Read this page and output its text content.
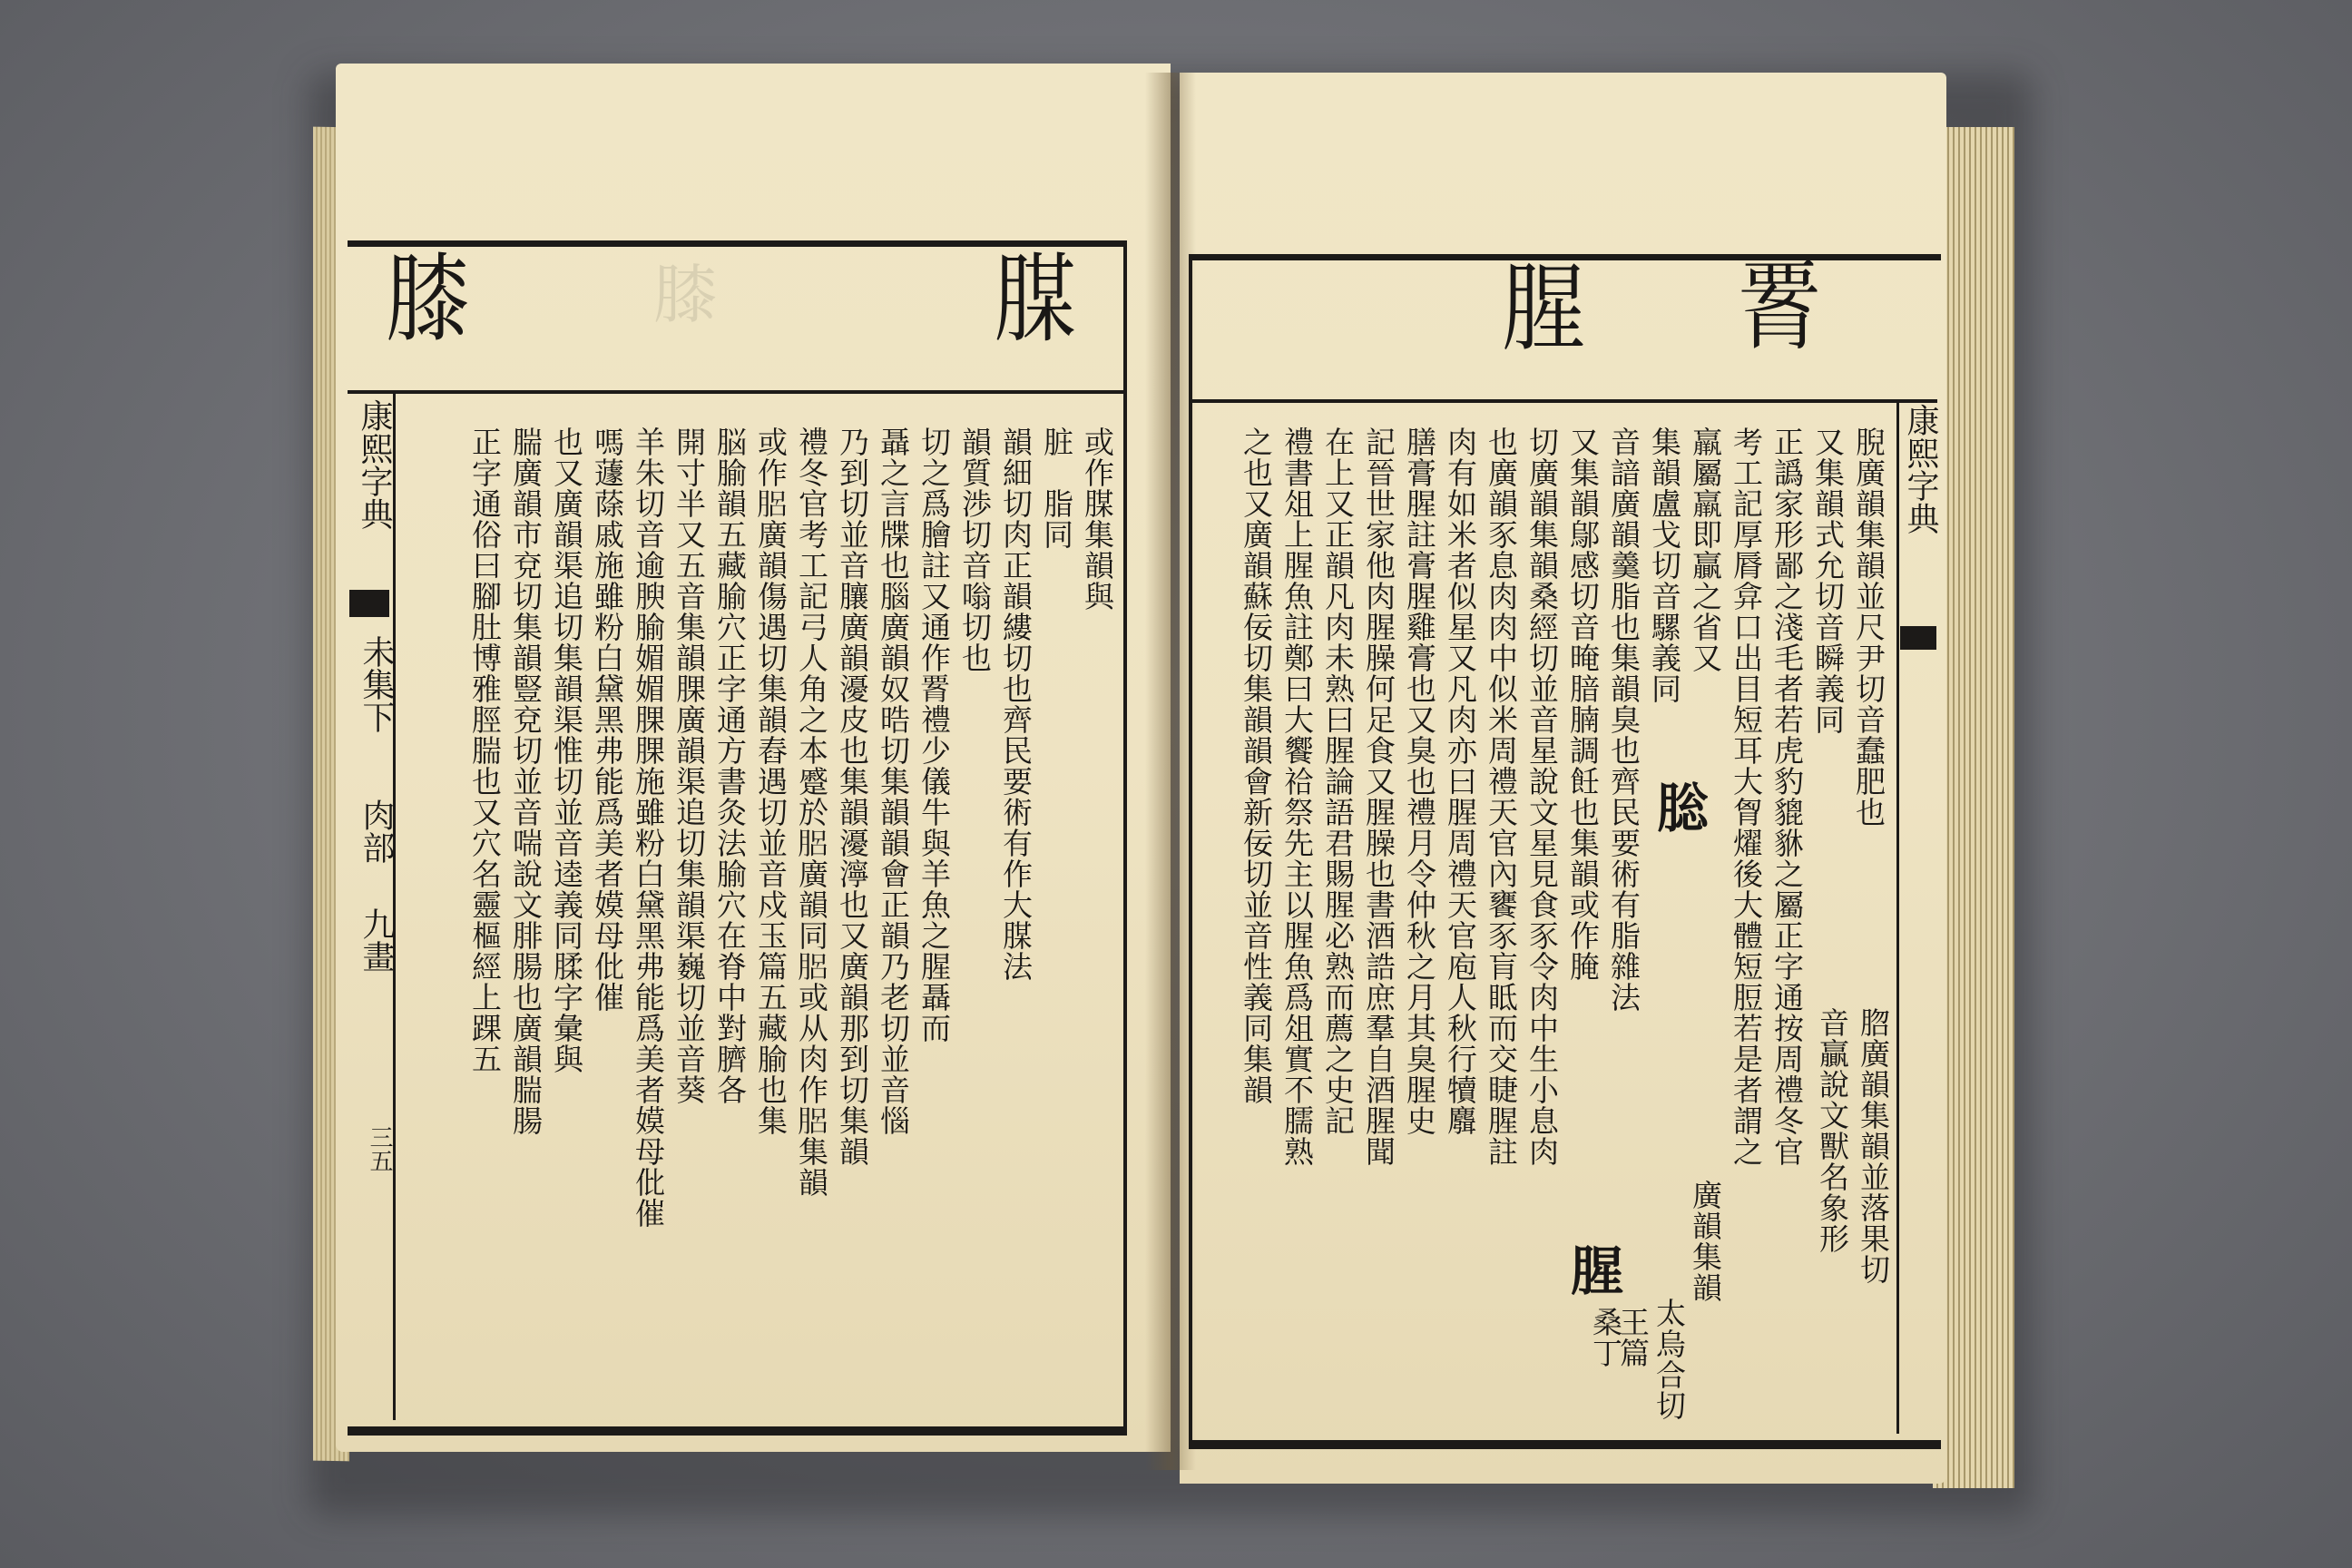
腜
膝	膝	𦝫
腥
康熙字典
未集下
肉部
九畫
三五
康熙字典
或作腜集韻與
脏　脂同　　
韻細切肉正韻縷切也齊民要術有作大腜法
韻質渉切音嗡切也
切之爲膾註又通作𦝫禮少儀牛與羊魚之腥聶而
聶之言牒也腦廣韻奴晧切集韻韻會正韻乃老切並音惱
乃到切並音䑋廣韻瀀皮也集韻瀀濘也又廣韻那到切集韻
禮冬官考工記弓人角之本蹙於𦛗廣韻同𦛗或从肉作𦛗集韻
或作𦛗廣韻傷遇切集韻舂遇切並音戍玉篇五藏腧也集
脳腧韻五藏腧穴正字通方書灸法腧穴在脊中對臍各
開寸半又五音集韻腂廣韻渠追切集韻渠巍切並音葵
羊朱切音逾腴腧媚媚腂腂施雖粉白黛黑弗能爲美者嫫母仳催
嗎蘧蒢戚施雖粉白黛黑弗能爲美者嫫母仳催
也又廣韻渠追切集韻渠惟切並音逵義同腬字彙與
腨廣韻市兗切集韻豎兗切並音喘說文腓腸也廣韻腨腸
正字通俗曰腳肚博雅脛腨也又穴名靈樞經上踝五	腉廣韻集韻並尺尹切音蠢肥也
又集韻式允切音瞬義同
正譌家形鄙之淺毛者若虎豹貔貅之屬正字通按周禮冬官
考工記厚脣弇口出目短耳大胷燿後大體短脰若是者謂之
羸屬羸即贏之省又
集韻盧戈切音騾義同
音諳廣韻羹脂也集韻臭也齊民要術有脂雜法
又集韻鄔感切音晻腤腩調飪也集韻或作腌
切廣韻集韻桑經切並音星說文星見食豕令肉中生小息肉
也廣韻豕息肉肉中似米周禮天官內饔豕肓眡而交睫腥註
肉有如米者似星又凡肉亦曰腥周禮天官庖人秋行犢麛
膳膏腥註膏腥雞膏也又臭也禮月令仲秋之月其臭腥史
記晉世家他肉腥臊何足食又腥臊也書酒誥庶羣自酒腥聞
在上又正韻凡肉未熟曰腥論語君賜腥必熟而薦之史記
禮書俎上腥魚註鄭曰大饗祫祭先主以腥魚爲俎實不臑熟
之也又廣韻蘇佞切集韻韻會新佞切並音性義同集韻
脗廣韻集韻並落果切
音贏說文獸名象形
䐋
腥
桑丁
王篇 太烏合切
廣韻集韻
